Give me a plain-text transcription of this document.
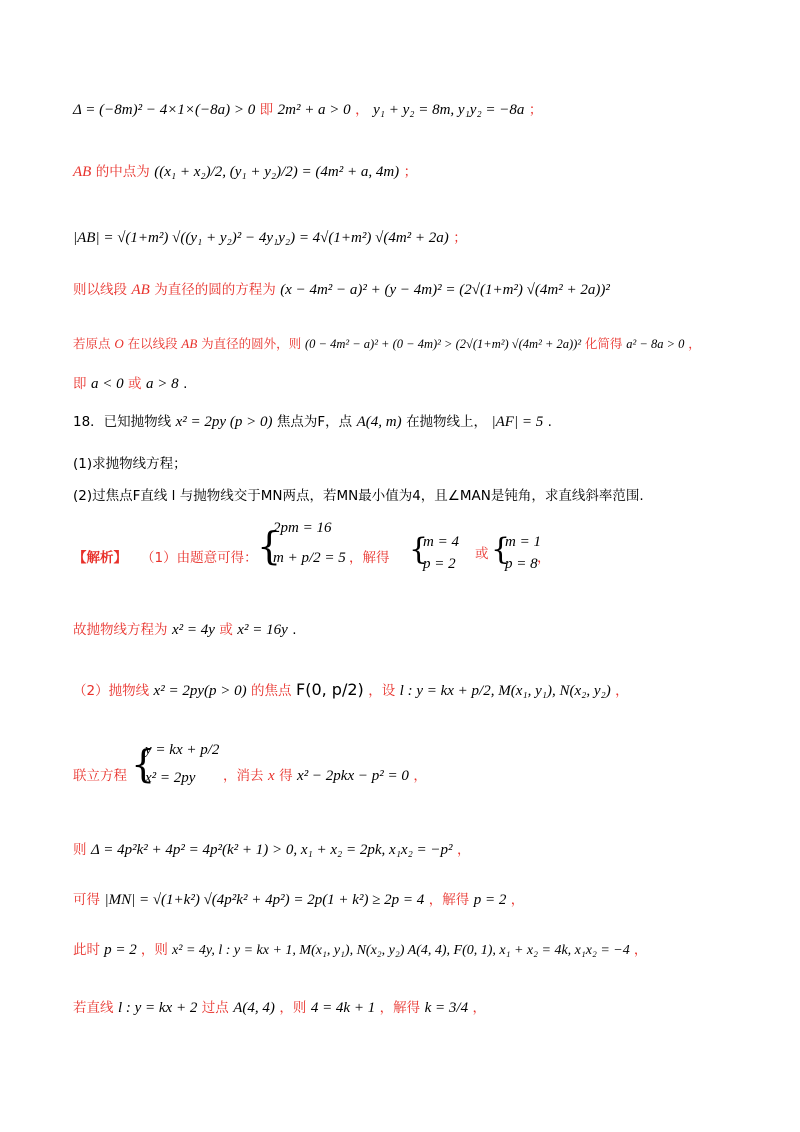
Δ = (−8m)² − 4×1×(−8a) > 0 即 2m² + a > 0 ， y₁ + y₂ = 8m, y₁y₂ = −8a ；
AB 的中点为 ((x₁ + x₂)/2, (y₁ + y₂)/2) = (4m² + a, 4m) ；
|AB| = √(1+m²) √((y₁ + y₂)² − 4y₁y₂) = 4√(1+m²) √(4m² + 2a) ；
则以线段 AB 为直径的圆的方程为 (x − 4m² − a)² + (y − 4m)² = (2√(1+m²) √(4m² + 2a))²
若原点 O 在以线段 AB 为直径的圆外，则 (0 − 4m² − a)² + (0 − 4m)² > (2√(1+m²) √(4m² + 2a))² 化简得 a² − 8a > 0 ，
即 a < 0 或 a > 8 .
18．已知抛物线 x² = 2py (p > 0) 焦点为F，点 A(4, m) 在抛物线上， |AF| = 5 .
(1)求抛物线方程；
(2)过焦点F直线 l 与抛物线交于MN两点，若MN最小值为4，且∠MAN是钝角，求直线斜率范围.
【解析】 （1）由题意可得： {
2pm = 16
m + p/2 = 5 ，解得 {
m = 4
p = 2
或 {
m = 1
p = 8 ，
故抛物线方程为 x² = 4y 或 x² = 16y .
（2）抛物线 x² = 2py(p > 0) 的焦点 F(0, p/2) ，设 l : y = kx + p/2, M(x₁, y₁), N(x₂, y₂) ，
联立方程 {
y = kx + p/2
x² = 2py ，消去 x 得 x² − 2pkx − p² = 0 ，
则 Δ = 4p²k² + 4p² = 4p²(k² + 1) > 0, x₁ + x₂ = 2pk, x₁x₂ = −p² ，
可得 |MN| = √(1+k²) √(4p²k² + 4p²) = 2p(1 + k²) ≥ 2p = 4 ，解得 p = 2 ，
此时 p = 2 ，则 x² = 4y, l : y = kx + 1, M(x₁, y₁), N(x₂, y₂) A(4, 4), F(0, 1), x₁ + x₂ = 4k, x₁x₂ = −4 ，
若直线 l : y = kx + 2 过点 A(4, 4) ，则 4 = 4k + 1 ，解得 k = 3/4 ，
